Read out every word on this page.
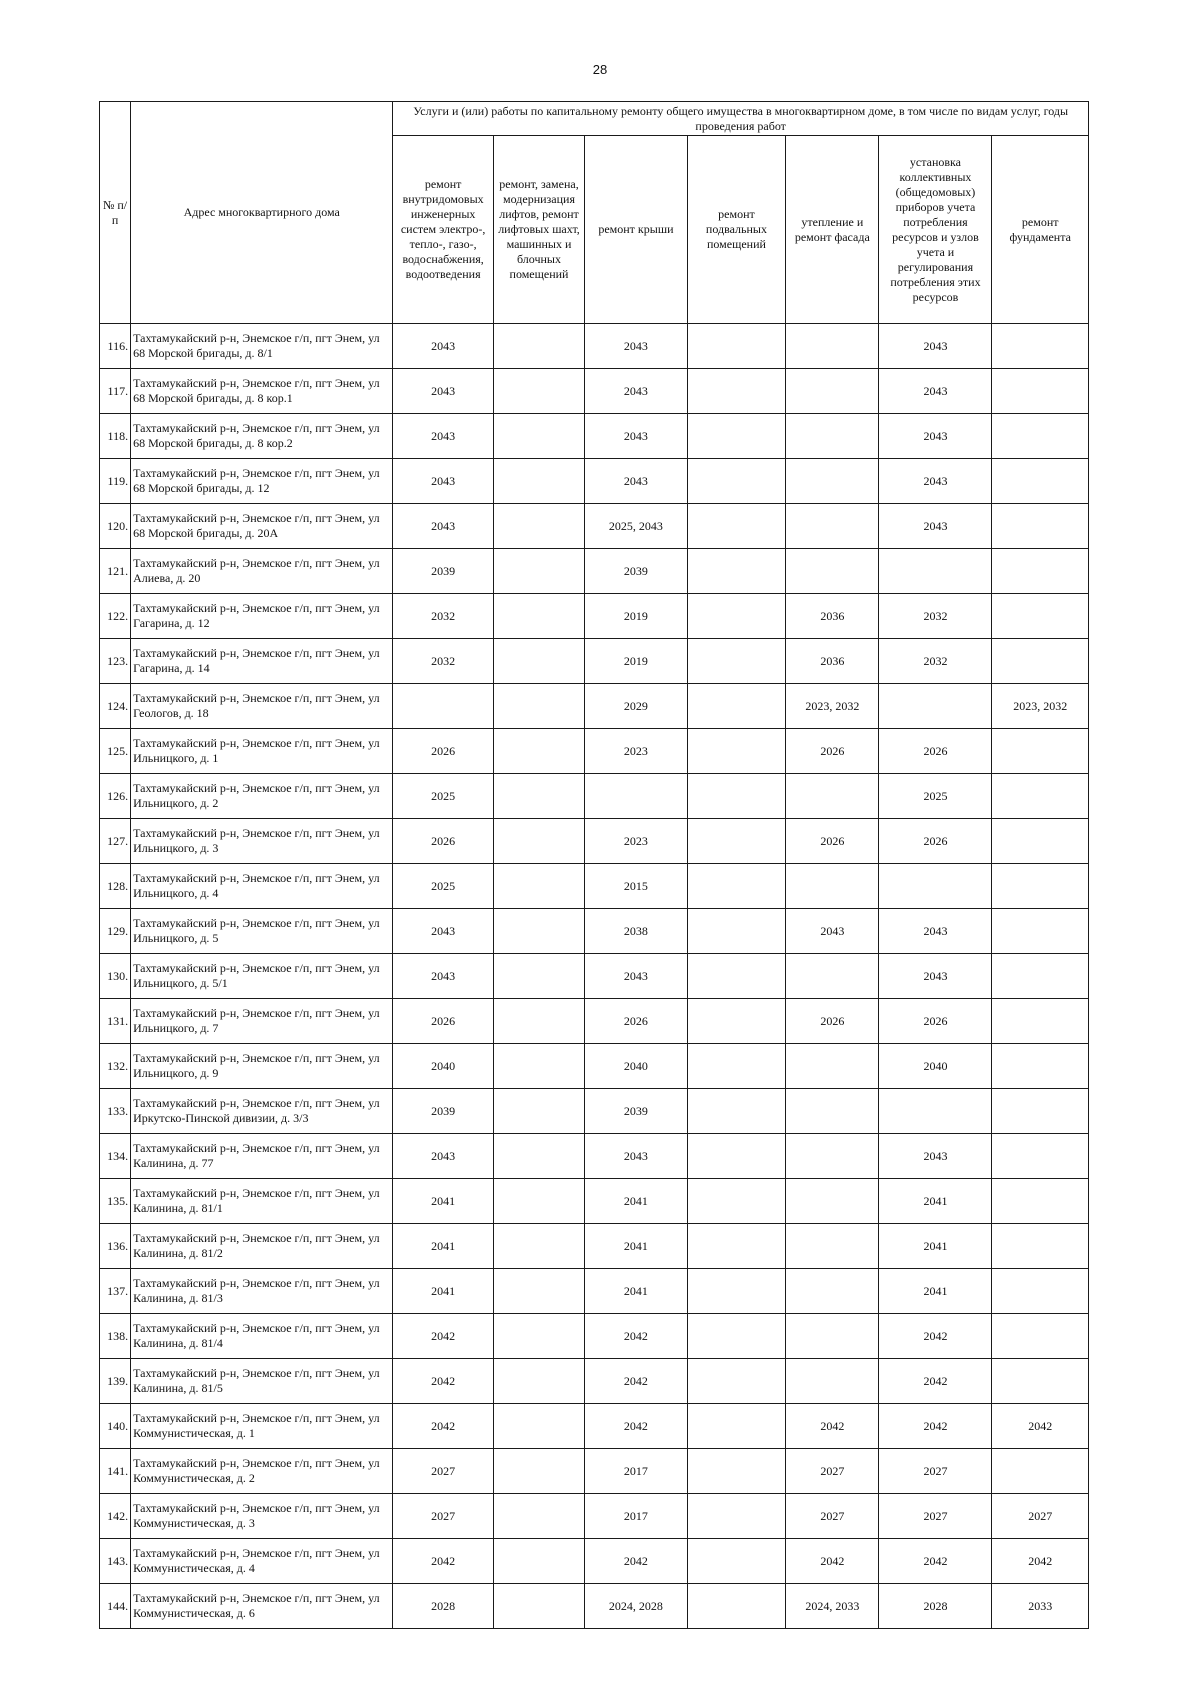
28
№ п/п	Адрес многоквартирного дома	Услуги и (или) работы по капитальному ремонту общего имущества в многоквартирном доме, в том числе по видам услуг, годы проведения работ						
		ремонт внутридомовых инженерных систем электро-, тепло-, газо-, водоснабжения, водоотведения	ремонт, замена, модернизация лифтов, ремонт лифтовых шахт, машинных и блочных помещений	ремонт крыши	ремонт подвальных помещений	утепление и ремонт фасада	установка коллективных (общедомовых) приборов учета потребления ресурсов и узлов учета и регулирования потребления этих ресурсов	ремонт фундамента
116.	Тахтамукайский р-н, Энемское г/п, пгт Энем, ул 68 Морской бригады, д. 8/1	2043		2043			2043	
117.	Тахтамукайский р-н, Энемское г/п, пгт Энем, ул 68 Морской бригады, д. 8 кор.1	2043		2043			2043	
118.	Тахтамукайский р-н, Энемское г/п, пгт Энем, ул 68 Морской бригады, д. 8 кор.2	2043		2043			2043	
119.	Тахтамукайский р-н, Энемское г/п, пгт Энем, ул 68 Морской бригады, д. 12	2043		2043			2043	
120.	Тахтамукайский р-н, Энемское г/п, пгт Энем, ул 68 Морской бригады, д. 20А	2043		2025, 2043			2043	
121.	Тахтамукайский р-н, Энемское г/п, пгт Энем, ул Алиева, д. 20	2039		2039				
122.	Тахтамукайский р-н, Энемское г/п, пгт Энем, ул Гагарина, д. 12	2032		2019		2036	2032	
123.	Тахтамукайский р-н, Энемское г/п, пгт Энем, ул Гагарина, д. 14	2032		2019		2036	2032	
124.	Тахтамукайский р-н, Энемское г/п, пгт Энем, ул Геологов, д. 18			2029		2023, 2032		2023, 2032
125.	Тахтамукайский р-н, Энемское г/п, пгт Энем, ул Ильницкого, д. 1	2026		2023		2026	2026	
126.	Тахтамукайский р-н, Энемское г/п, пгт Энем, ул Ильницкого, д. 2	2025					2025	
127.	Тахтамукайский р-н, Энемское г/п, пгт Энем, ул Ильницкого, д. 3	2026		2023		2026	2026	
128.	Тахтамукайский р-н, Энемское г/п, пгт Энем, ул Ильницкого, д. 4	2025		2015				
129.	Тахтамукайский р-н, Энемское г/п, пгт Энем, ул Ильницкого, д. 5	2043		2038		2043	2043	
130.	Тахтамукайский р-н, Энемское г/п, пгт Энем, ул Ильницкого, д. 5/1	2043		2043			2043	
131.	Тахтамукайский р-н, Энемское г/п, пгт Энем, ул Ильницкого, д. 7	2026		2026		2026	2026	
132.	Тахтамукайский р-н, Энемское г/п, пгт Энем, ул Ильницкого, д. 9	2040		2040			2040	
133.	Тахтамукайский р-н, Энемское г/п, пгт Энем, ул Иркутско-Пинской дивизии, д. 3/3	2039		2039				
134.	Тахтамукайский р-н, Энемское г/п, пгт Энем, ул Калинина, д. 77	2043		2043			2043	
135.	Тахтамукайский р-н, Энемское г/п, пгт Энем, ул Калинина, д. 81/1	2041		2041			2041	
136.	Тахтамукайский р-н, Энемское г/п, пгт Энем, ул Калинина, д. 81/2	2041		2041			2041	
137.	Тахтамукайский р-н, Энемское г/п, пгт Энем, ул Калинина, д. 81/3	2041		2041			2041	
138.	Тахтамукайский р-н, Энемское г/п, пгт Энем, ул Калинина, д. 81/4	2042		2042			2042	
139.	Тахтамукайский р-н, Энемское г/п, пгт Энем, ул Калинина, д. 81/5	2042		2042			2042	
140.	Тахтамукайский р-н, Энемское г/п, пгт Энем, ул Коммунистическая, д. 1	2042		2042		2042	2042	2042
141.	Тахтамукайский р-н, Энемское г/п, пгт Энем, ул Коммунистическая, д. 2	2027		2017		2027	2027	
142.	Тахтамукайский р-н, Энемское г/п, пгт Энем, ул Коммунистическая, д. 3	2027		2017		2027	2027	2027
143.	Тахтамукайский р-н, Энемское г/п, пгт Энем, ул Коммунистическая, д. 4	2042		2042		2042	2042	2042
144.	Тахтамукайский р-н, Энемское г/п, пгт Энем, ул Коммунистическая, д. 6	2028		2024, 2028		2024, 2033	2028	2033
